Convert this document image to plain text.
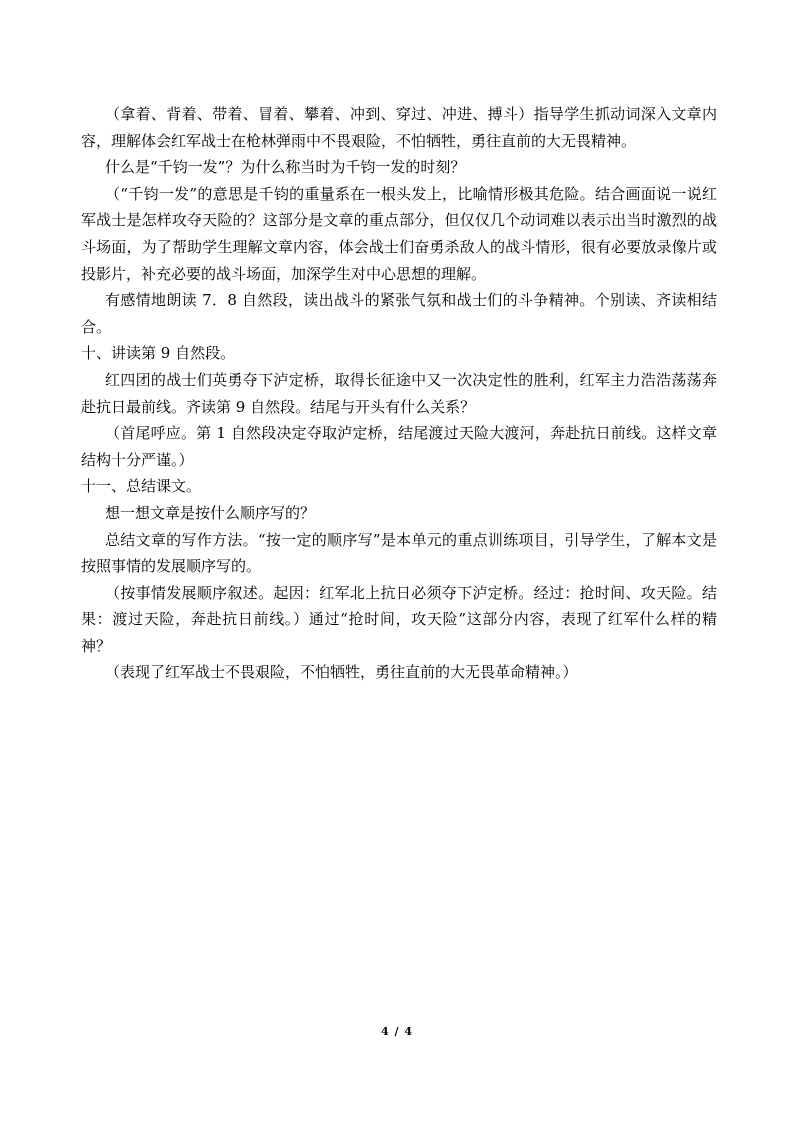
（拿着、背着、带着、冒着、攀着、冲到、穿过、冲进、搏斗）指导学生抓动词深入文章内容，理解体会红军战士在枪林弹雨中不畏艰险，不怕牺牲，勇往直前的大无畏精神。

什么是“千钧一发”？为什么称当时为千钧一发的时刻？

（“千钧一发”的意思是千钧的重量系在一根头发上，比喻情形极其危险。结合画面说一说红军战士是怎样攻夺天险的？这部分是文章的重点部分，但仅仅几个动词难以表示出当时激烈的战斗场面，为了帮助学生理解文章内容，体会战士们奋勇杀敌人的战斗情形，很有必要放录像片或投影片，补充必要的战斗场面，加深学生对中心思想的理解。

有感情地朗读 7．8 自然段，读出战斗的紧张气氛和战士们的斗争精神。个别读、齐读相结合。

十、讲读第 9 自然段。

红四团的战士们英勇夺下泸定桥，取得长征途中又一次决定性的胜利，红军主力浩浩荡荡奔赴抗日最前线。齐读第 9 自然段。结尾与开头有什么关系？

（首尾呼应。第 1 自然段决定夺取泸定桥，结尾渡过天险大渡河，奔赴抗日前线。这样文章结构十分严谨。）

十一、总结课文。

想一想文章是按什么顺序写的？

总结文章的写作方法。“按一定的顺序写”是本单元的重点训练项目，引导学生，了解本文是按照事情的发展顺序写的。

（按事情发展顺序叙述。起因：红军北上抗日必须夺下泸定桥。经过：抢时间、攻天险。结果：渡过天险，奔赴抗日前线。）通过“抢时间，攻天险”这部分内容，表现了红军什么样的精神？

（表现了红军战士不畏艰险，不怕牺牲，勇往直前的大无畏革命精神。）

4 / 4
